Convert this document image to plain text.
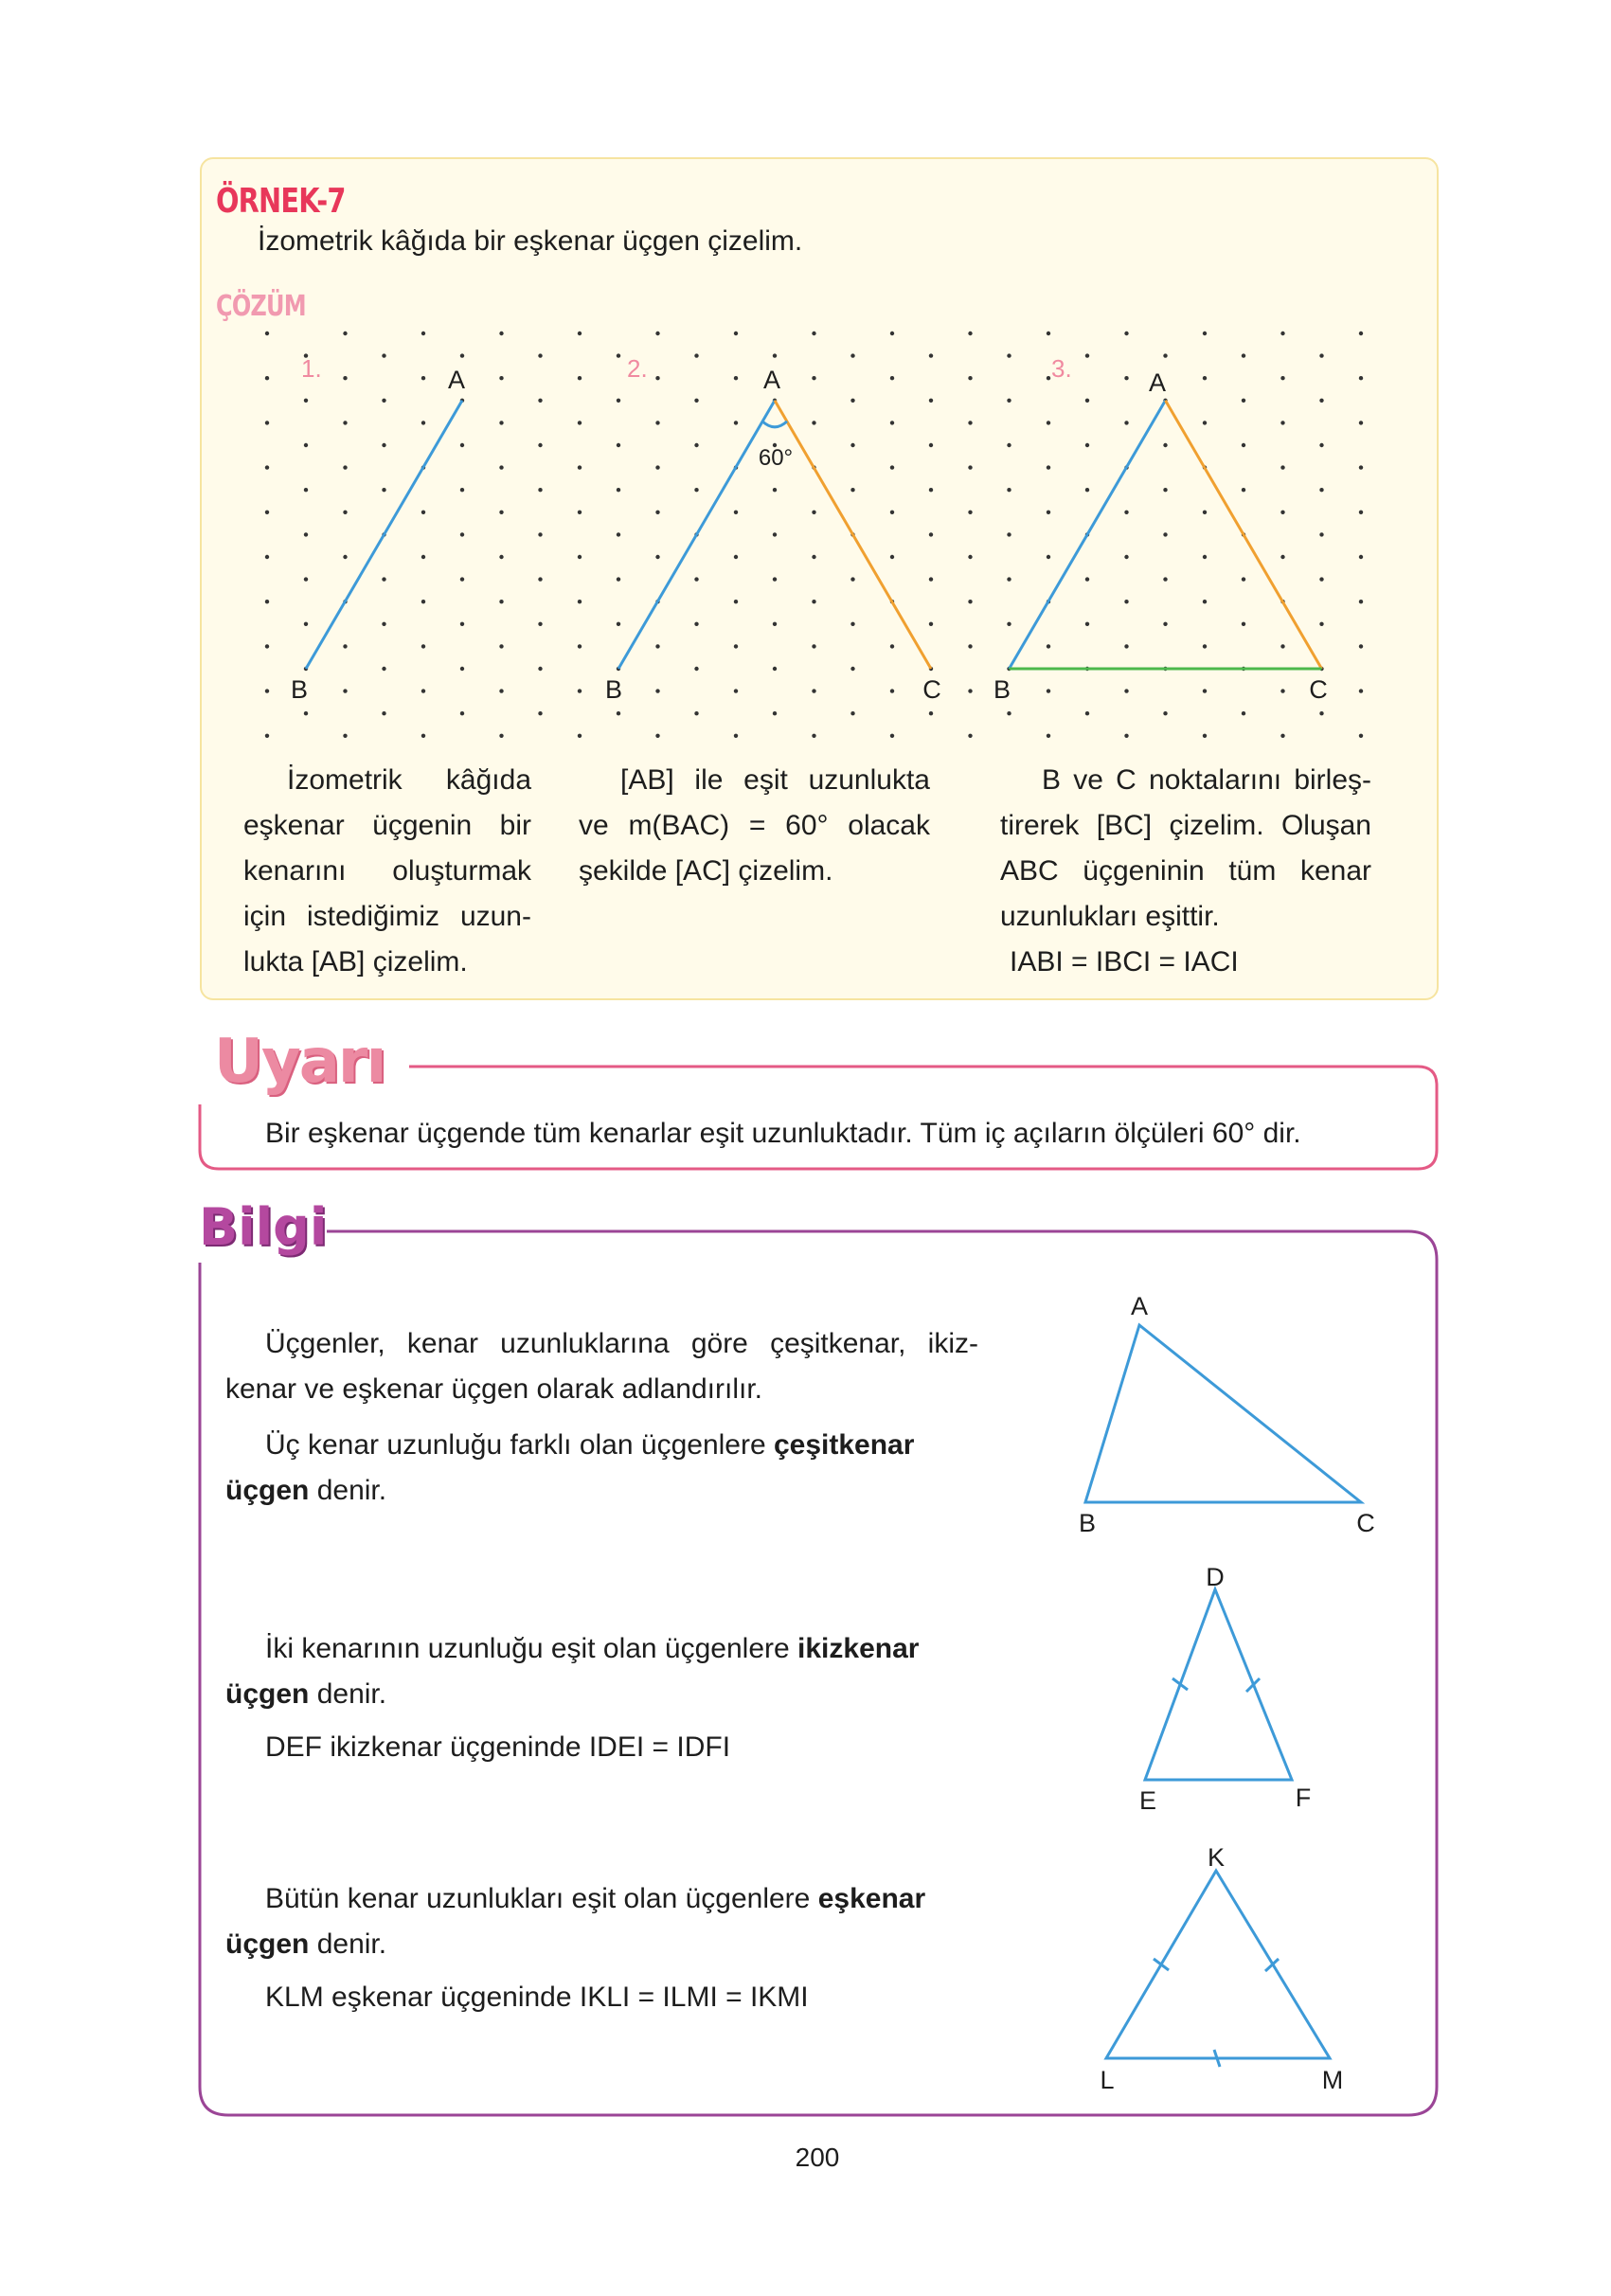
ÖRNEK-7
İzometrik kâğıda bir eşkenar üçgen çizelim.
ÇÖZÜM
1.	2.	3.
A
B
A
B	C
60°
A
B	C
A
B	C
D
E	F
K
L	M
İzometrik kâğıda
eşkenar üçgenin bir
kenarını oluşturmak
için istediğimiz uzun-
lukta [AB] çizelim.
[AB] ile eşit uzunlukta
ve m(BAC) = 60° olacak
şekilde [AC] çizelim.
B ve C noktalarını birleş-
tirerek [BC] çizelim. Oluşan
ABC üçgeninin tüm kenar
uzunlukları eşittir.
IABI = IBCI = IACI
Uyarı
Bir eşkenar üçgende tüm kenarlar eşit uzunluktadır. Tüm iç açıların ölçüleri 60° dir.
Bilgi
Üçgenler, kenar uzunluklarına göre çeşitkenar, ikiz-
kenar ve eşkenar üçgen olarak adlandırılır.
Üç kenar uzunluğu farklı olan üçgenlere çeşitkenar
üçgen denir.
İki kenarının uzunluğu eşit olan üçgenlere ikizkenar
üçgen denir.
DEF ikizkenar üçgeninde IDEI = IDFI
Bütün kenar uzunlukları eşit olan üçgenlere eşkenar
üçgen denir.
KLM eşkenar üçgeninde IKLI = ILMI = IKMI
200
